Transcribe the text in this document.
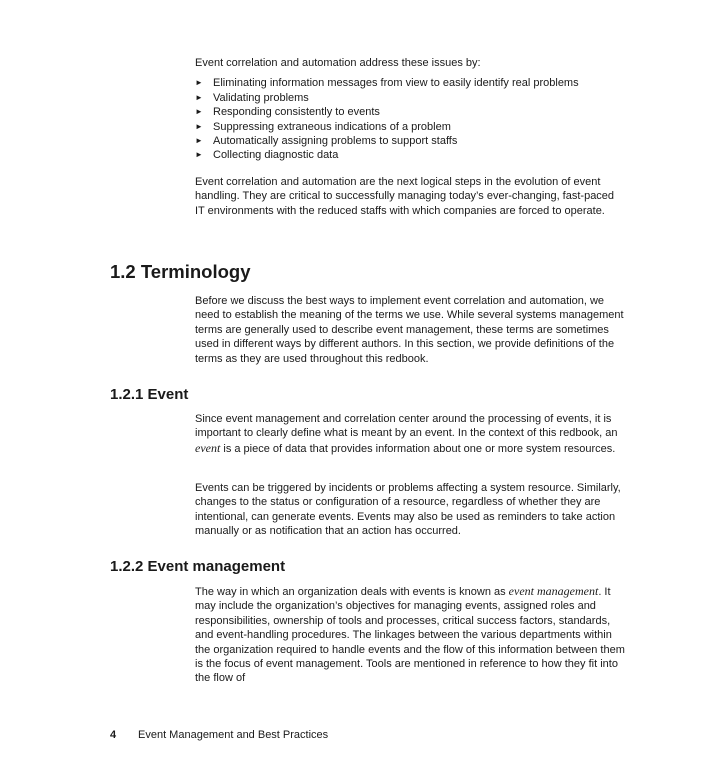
Event correlation and automation address these issues by:

► Eliminating information messages from view to easily identify real problems
► Validating problems
► Responding consistently to events
► Suppressing extraneous indications of a problem
► Automatically assigning problems to support staffs
► Collecting diagnostic data

Event correlation and automation are the next logical steps in the evolution of event handling. They are critical to successfully managing today’s ever-changing, fast-paced IT environments with the reduced staffs with which companies are forced to operate.

1.2 Terminology

Before we discuss the best ways to implement event correlation and automation, we need to establish the meaning of the terms we use. While several systems management terms are generally used to describe event management, these terms are sometimes used in different ways by different authors. In this section, we provide definitions of the terms as they are used throughout this redbook.

1.2.1 Event

Since event management and correlation center around the processing of events, it is important to clearly define what is meant by an event. In the context of this redbook, an event is a piece of data that provides information about one or more system resources.

Events can be triggered by incidents or problems affecting a system resource. Similarly, changes to the status or configuration of a resource, regardless of whether they are intentional, can generate events. Events may also be used as reminders to take action manually or as notification that an action has occurred.

1.2.2 Event management

The way in which an organization deals with events is known as event management. It may include the organization’s objectives for managing events, assigned roles and responsibilities, ownership of tools and processes, critical success factors, standards, and event-handling procedures. The linkages between the various departments within the organization required to handle events and the flow of this information between them is the focus of event management. Tools are mentioned in reference to how they fit into the flow of

4 Event Management and Best Practices
